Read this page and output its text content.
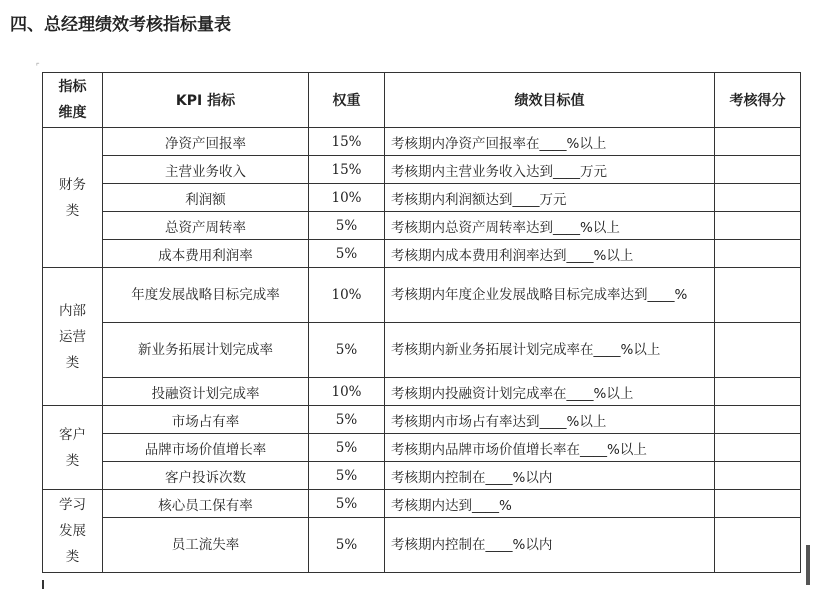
四、总经理绩效考核指标量表
⌜
指标维度	KPI 指标	权重	绩效目标值	考核得分
财务类	净资产回报率	15%	考核期内净资产回报率在____%以上	
	主营业务收入	15%	考核期内主营业务收入达到____万元	
	利润额	10%	考核期内利润额达到____万元	
	总资产周转率	5%	考核期内总资产周转率达到____%以上	
	成本费用利润率	5%	考核期内成本费用利润率达到____%以上	
内部运营类	年度发展战略目标完成率	10%	考核期内年度企业发展战略目标完成率达到____%	
	新业务拓展计划完成率	5%	考核期内新业务拓展计划完成率在____%以上	
	投融资计划完成率	10%	考核期内投融资计划完成率在____%以上	
客户类	市场占有率	5%	考核期内市场占有率达到____%以上	
	品牌市场价值增长率	5%	考核期内品牌市场价值增长率在____%以上	
	客户投诉次数	5%	考核期内控制在____%以内	
学习发展类	核心员工保有率	5%	考核期内达到____%	
	员工流失率	5%	考核期内控制在____%以内	
